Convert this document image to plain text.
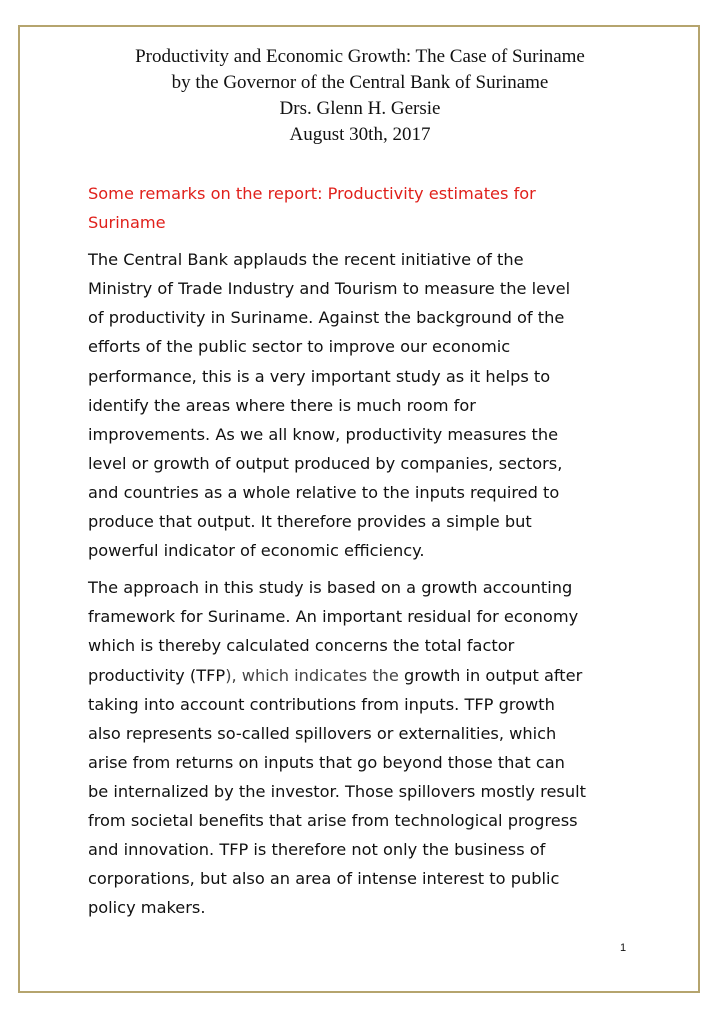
Productivity and Economic Growth: The Case of Suriname
by the Governor of the Central Bank of Suriname
Drs. Glenn H. Gersie
August 30th, 2017

Some remarks on the report: Productivity estimates for
Suriname

The Central Bank applauds the recent initiative of the
Ministry of Trade Industry and Tourism to measure the level
of productivity in Suriname. Against the background of the
efforts of the public sector to improve our economic
performance, this is a very important study as it helps to
identify the areas where there is much room for
improvements. As we all know, productivity measures the
level or growth of output produced by companies, sectors,
and countries as a whole relative to the inputs required to
produce that output. It therefore provides a simple but
powerful indicator of economic efficiency.

The approach in this study is based on a growth accounting
framework for Suriname. An important residual for economy
which is thereby calculated concerns the total factor
productivity (TFP), which indicates the growth in output after
taking into account contributions from inputs. TFP growth
also represents so-called spillovers or externalities, which
arise from returns on inputs that go beyond those that can
be internalized by the investor. Those spillovers mostly result
from societal benefits that arise from technological progress
and innovation. TFP is therefore not only the business of
corporations, but also an area of intense interest to public
policy makers.

1
